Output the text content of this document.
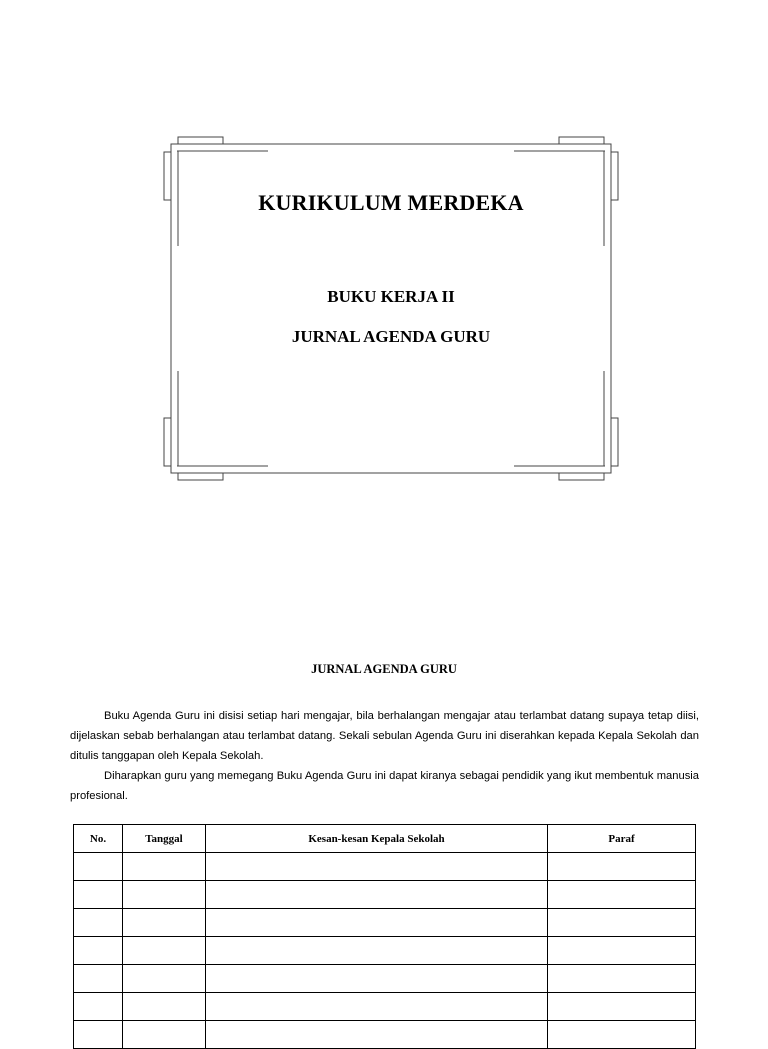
KURIKULUM MERDEKA
BUKU KERJA II
JURNAL AGENDA GURU
JURNAL AGENDA GURU

Buku Agenda Guru ini disisi setiap hari mengajar, bila berhalangan mengajar atau terlambat datang supaya tetap diisi, dijelaskan sebab berhalangan atau terlambat datang. Sekali sebulan Agenda Guru ini diserahkan kepada Kepala Sekolah dan ditulis tanggapan oleh Kepala Sekolah.

Diharapkan guru yang memegang Buku Agenda Guru ini dapat kiranya sebagai pendidik yang ikut membentuk manusia profesional.

No.	Tanggal	Kesan-kesan Kepala Sekolah	Paraf
